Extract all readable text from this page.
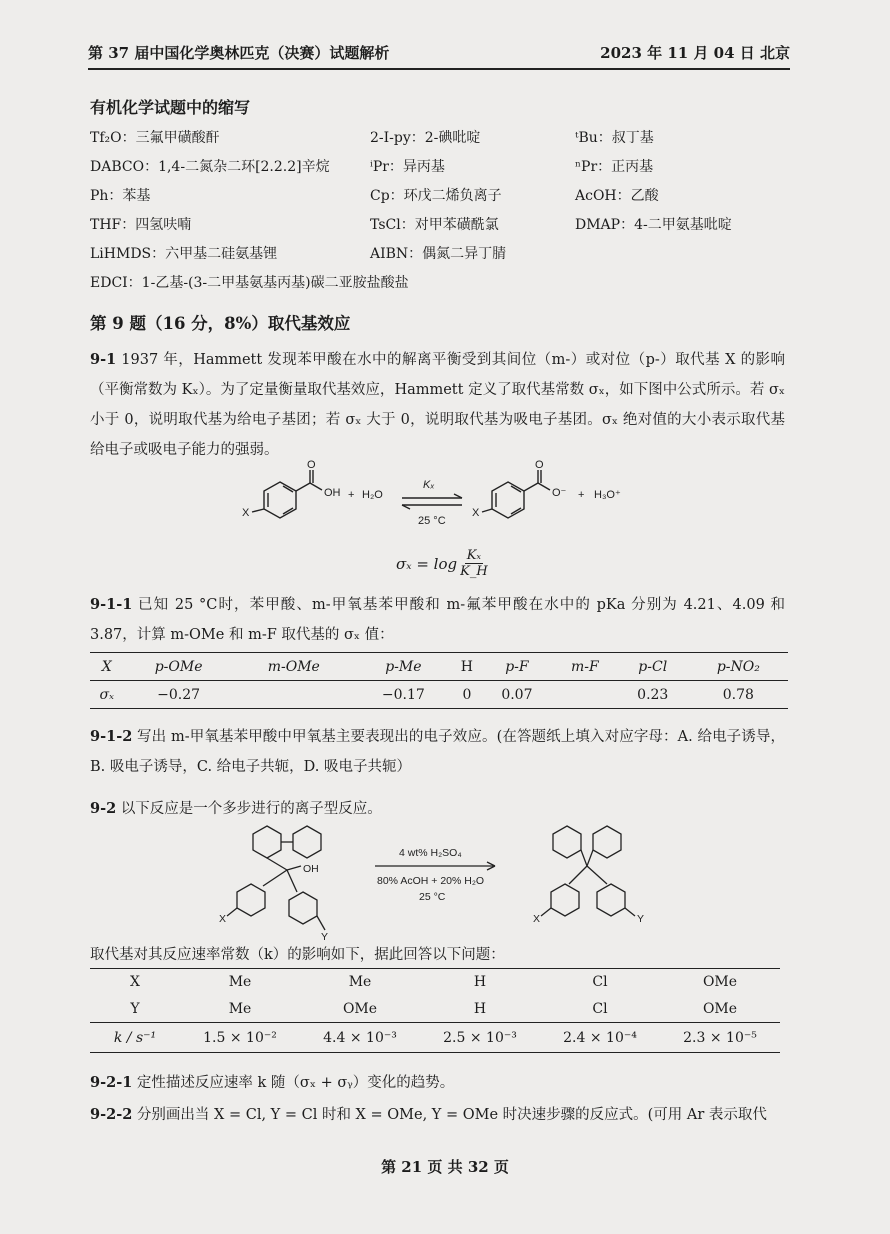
第 37 届中国化学奥林匹克（决赛）试题解析	2023 年 11 月 04 日 北京
有机化学试题中的缩写
Tf₂O：三氟甲磺酸酐	2-I-py：2-碘吡啶	ᵗBu：叔丁基
DABCO：1,4-二氮杂二环[2.2.2]辛烷	ⁱPr：异丙基	ⁿPr：正丙基
Ph：苯基	Cp：环戊二烯负离子	AcOH：乙酸
THF：四氢呋喃	TsCl：对甲苯磺酰氯	DMAP：4-二甲氨基吡啶
LiHMDS：六甲基二硅氨基锂	AIBN：偶氮二异丁腈
EDCI：1-乙基-(3-二甲基氨基丙基)碳二亚胺盐酸盐
第 9 题（16 分，8%）取代基效应
9-1 1937 年，Hammett 发现苯甲酸在水中的解离平衡受到其间位（m-）或对位（p-）取代基 X 的影响（平衡常数为 Kₓ）。为了定量衡量取代基效应，Hammett 定义了取代基常数 σₓ，如下图中公式所示。若 σₓ 小于 0，说明取代基为给电子基团；若 σₓ 大于 0，说明取代基为吸电子基团。σₓ 绝对值的大小表示取代基给电子或吸电子能力的强弱。
X
O
OH + H₂O
Kₓ
25 °C
X
O
O⁻ + H₃O⁺
$\sigma_x = \log \frac{\text{Kₓ}}{K\_H}$
9-1-1 已知 25 °C时，苯甲酸、m-甲氧基苯甲酸和 m-氟苯甲酸在水中的 pKa 分别为 4.21、4.09 和 3.87，计算 m-OMe 和 m-F 取代基的 σₓ 值：
X	p-OMe	m-OMe	p-Me	H	p-F	m-F	p-Cl	p-NO₂
σₓ	−0.27		−0.17	0	0.07		0.23	0.78
9-1-2 写出 m-甲氧基苯甲酸中甲氧基主要表现出的电子效应。(在答题纸上填入对应字母：A. 给电子诱导，B. 吸电子诱导，C. 给电子共轭，D. 吸电子共轭）
9-2 以下反应是一个多步进行的离子型反应。
OH
X
Y
4 wt% H₂SO₄
80% AcOH + 20% H₂O
25 °C
X	Y
取代基对其反应速率常数（k）的影响如下，据此回答以下问题：
X	Me	Me	H	Cl	OMe
Y	Me	OMe	H	Cl	OMe
k / s⁻¹	1.5 × 10⁻²	4.4 × 10⁻³	2.5 × 10⁻³	2.4 × 10⁻⁴	2.3 × 10⁻⁵
9-2-1 定性描述反应速率 k 随（σₓ + σᵧ）变化的趋势。
9-2-2 分别画出当 X = Cl, Y = Cl 时和 X = OMe, Y = OMe 时决速步骤的反应式。(可用 Ar 表示取代
第 21 页 共 32 页
